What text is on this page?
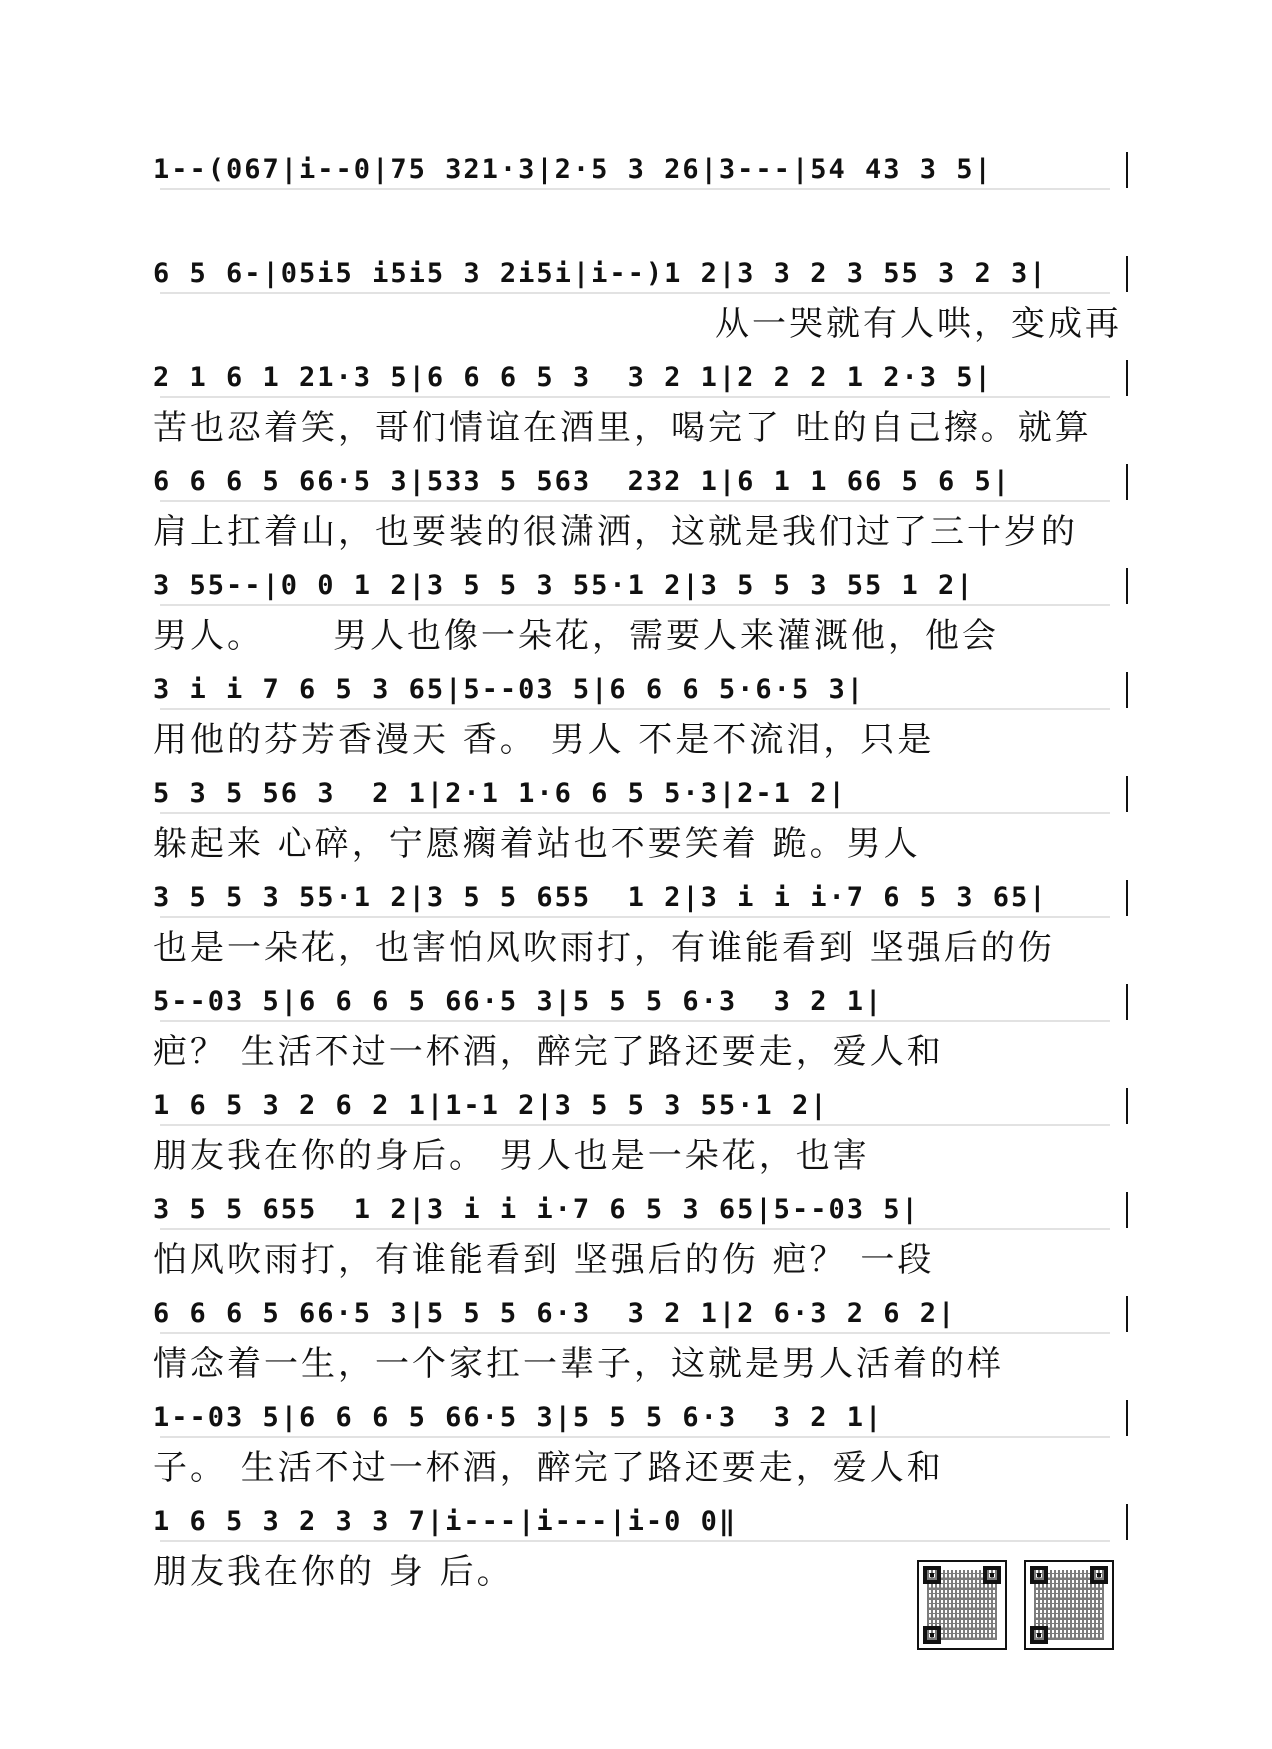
1--(067|i--0|75 321·3|2·5 3 26|3---|54 43 3 5|
6 5 6-|05i5 i5i5 3 2i5i|i--)1 2|3 3 2 3 55 3 2 3|
从一哭就有人哄，变成再
2 1 6 1 21·3 5|6 6 6 5 3  3 2 1|2 2 2 1 2·3 5|
苦也忍着笑，哥们情谊在酒里，喝完了 吐的自己擦。就算
6 6 6 5 66·5 3|533 5 563  232 1|6 1 1 66 5 6 5|
肩上扛着山，也要装的很潇洒，这就是我们过了三十岁的
3 55--|0 0 1 2|3 5 5 3 55·1 2|3 5 5 3 55 1 2|
男人。     男人也像一朵花，需要人来灌溉他，他会
3 i i 7 6 5 3 65|5--03 5|6 6 6 5·6·5 3|
用他的芬芳香漫天 香。 男人 不是不流泪，只是
5 3 5 56 3  2 1|2·1 1·6 6 5 5·3|2-1 2|
躲起来 心碎，宁愿瘸着站也不要笑着 跪。男人
3 5 5 3 55·1 2|3 5 5 655  1 2|3 i i i·7 6 5 3 65|
也是一朵花，也害怕风吹雨打，有谁能看到 坚强后的伤
5--03 5|6 6 6 5 66·5 3|5 5 5 6·3  3 2 1|
疤？ 生活不过一杯酒，醉完了路还要走，爱人和
1 6 5 3 2 6 2 1|1-1 2|3 5 5 3 55·1 2|
朋友我在你的身后。 男人也是一朵花，也害
3 5 5 655  1 2|3 i i i·7 6 5 3 65|5--03 5|
怕风吹雨打，有谁能看到 坚强后的伤 疤？ 一段
6 6 6 5 66·5 3|5 5 5 6·3  3 2 1|2 6·3 2 6 2|
情念着一生，一个家扛一辈子，这就是男人活着的样
1--03 5|6 6 6 5 66·5 3|5 5 5 6·3  3 2 1|
子。 生活不过一杯酒，醉完了路还要走，爱人和
1 6 5 3 2 3 3 7|i---|i---|i-0 0‖
朋友我在你的 身 后。
